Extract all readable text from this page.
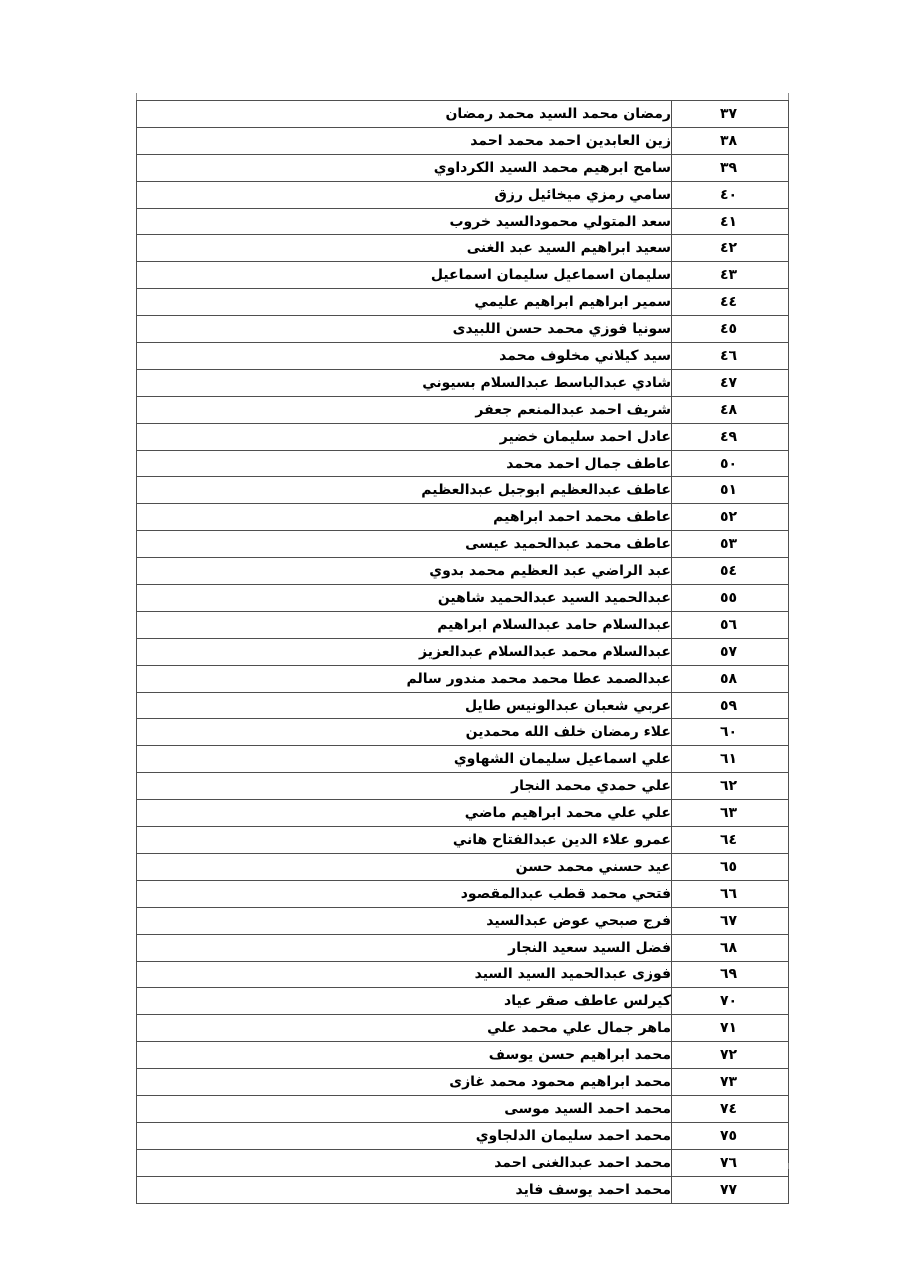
٣٧	رمضان محمد السيد محمد رمضان
٣٨	زين العابدين احمد محمد احمد
٣٩	سامح ابرهيم محمد السيد الكرداوي
٤٠	سامي رمزي ميخائيل رزق
٤١	سعد المتولي محمودالسيد خروب
٤٢	سعيد ابراهيم السيد عبد الغنى
٤٣	سليمان اسماعيل سليمان اسماعيل
٤٤	سمير ابراهيم ابراهيم عليمي
٤٥	سونيا فوزي محمد حسن اللبيدى
٤٦	سيد كيلاني مخلوف محمد
٤٧	شادي عبدالباسط عبدالسلام بسيوني
٤٨	شريف احمد عبدالمنعم جعفر
٤٩	عادل احمد سليمان خضير
٥٠	عاطف جمال احمد محمد
٥١	عاطف عبدالعظيم ابوجبل عبدالعظيم
٥٢	عاطف محمد احمد ابراهيم
٥٣	عاطف محمد عبدالحميد عيسى
٥٤	عبد الراضي عبد العظيم محمد بدوي
٥٥	عبدالحميد السيد عبدالحميد شاهين
٥٦	عبدالسلام حامد عبدالسلام ابراهيم
٥٧	عبدالسلام محمد عبدالسلام عبدالعزيز
٥٨	عبدالصمد عطا محمد محمد مندور سالم
٥٩	عربي شعبان عبدالونيس طايل
٦٠	علاء رمضان خلف الله محمدين
٦١	علي اسماعيل سليمان الشهاوي
٦٢	علي حمدي محمد النجار
٦٣	علي علي محمد ابراهيم ماضي
٦٤	عمرو علاء الدين عبدالفتاح هاني
٦٥	عيد حسني محمد حسن
٦٦	فتحي محمد قطب عبدالمقصود
٦٧	فرج صبحي عوض عبدالسيد
٦٨	فضل السيد سعيد النجار
٦٩	فوزى عبدالحميد السيد السيد
٧٠	كيرلس عاطف صقر عياد
٧١	ماهر جمال علي محمد علي
٧٢	محمد ابراهيم حسن يوسف
٧٣	محمد ابراهيم محمود محمد غازى
٧٤	محمد احمد السيد موسى
٧٥	محمد احمد سليمان الدلجاوي
٧٦	محمد احمد عبدالغنى احمد
٧٧	محمد احمد يوسف فايد
